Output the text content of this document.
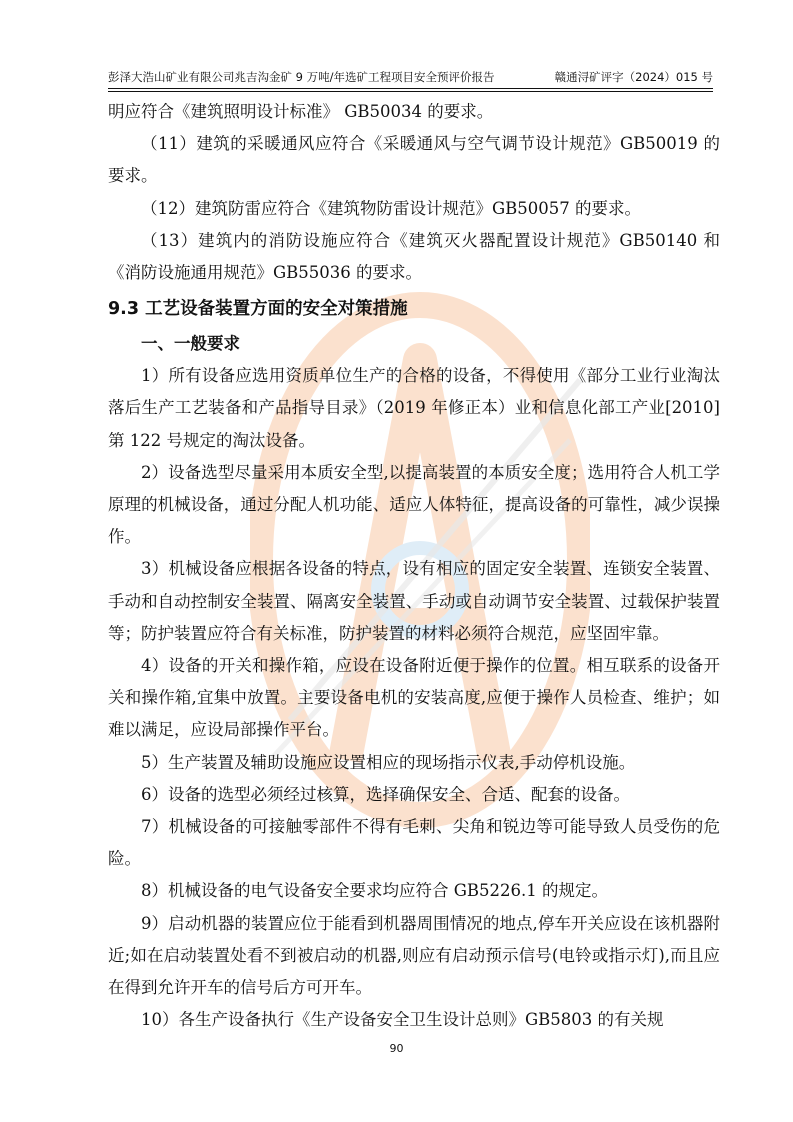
彭泽大浩山矿业有限公司兆吉沟金矿 9 万吨/年选矿工程项目安全预评价报告	赣通浔矿评字（2024）015 号

明应符合《建筑照明设计标准》 GB50034 的要求。

（11）建筑的采暖通风应符合《采暖通风与空气调节设计规范》GB50019 的要求。

（12）建筑防雷应符合《建筑物防雷设计规范》GB50057 的要求。

（13）建筑内的消防设施应符合《建筑灭火器配置设计规范》GB50140 和《消防设施通用规范》GB55036 的要求。

9.3 工艺设备装置方面的安全对策措施
一、一般要求

1）所有设备应选用资质单位生产的合格的设备，不得使用《部分工业行业淘汰落后生产工艺装备和产品指导目录》（2019 年修正本）业和信息化部工产业[2010]第 122 号规定的淘汰设备。

2）设备选型尽量采用本质安全型,以提高装置的本质安全度；选用符合人机工学原理的机械设备，通过分配人机功能、适应人体特征，提高设备的可靠性，减少误操作。

3）机械设备应根据各设备的特点，设有相应的固定安全装置、连锁安全装置、手动和自动控制安全装置、隔离安全装置、手动或自动调节安全装置、过载保护装置等；防护装置应符合有关标准，防护装置的材料必须符合规范，应坚固牢靠。

4）设备的开关和操作箱，应设在设备附近便于操作的位置。相互联系的设备开关和操作箱,宜集中放置。主要设备电机的安装高度,应便于操作人员检查、维护；如难以满足，应设局部操作平台。

5）生产装置及辅助设施应设置相应的现场指示仪表,手动停机设施。

6）设备的选型必须经过核算，选择确保安全、合适、配套的设备。

7）机械设备的可接触零部件不得有毛刺、尖角和锐边等可能导致人员受伤的危险。

8）机械设备的电气设备安全要求均应符合 GB5226.1 的规定。

9）启动机器的装置应位于能看到机器周围情况的地点,停车开关应设在该机器附近;如在启动装置处看不到被启动的机器,则应有启动预示信号(电铃或指示灯),而且应在得到允许开车的信号后方可开车。

10）各生产设备执行《生产设备安全卫生设计总则》GB5803 的有关规

90
